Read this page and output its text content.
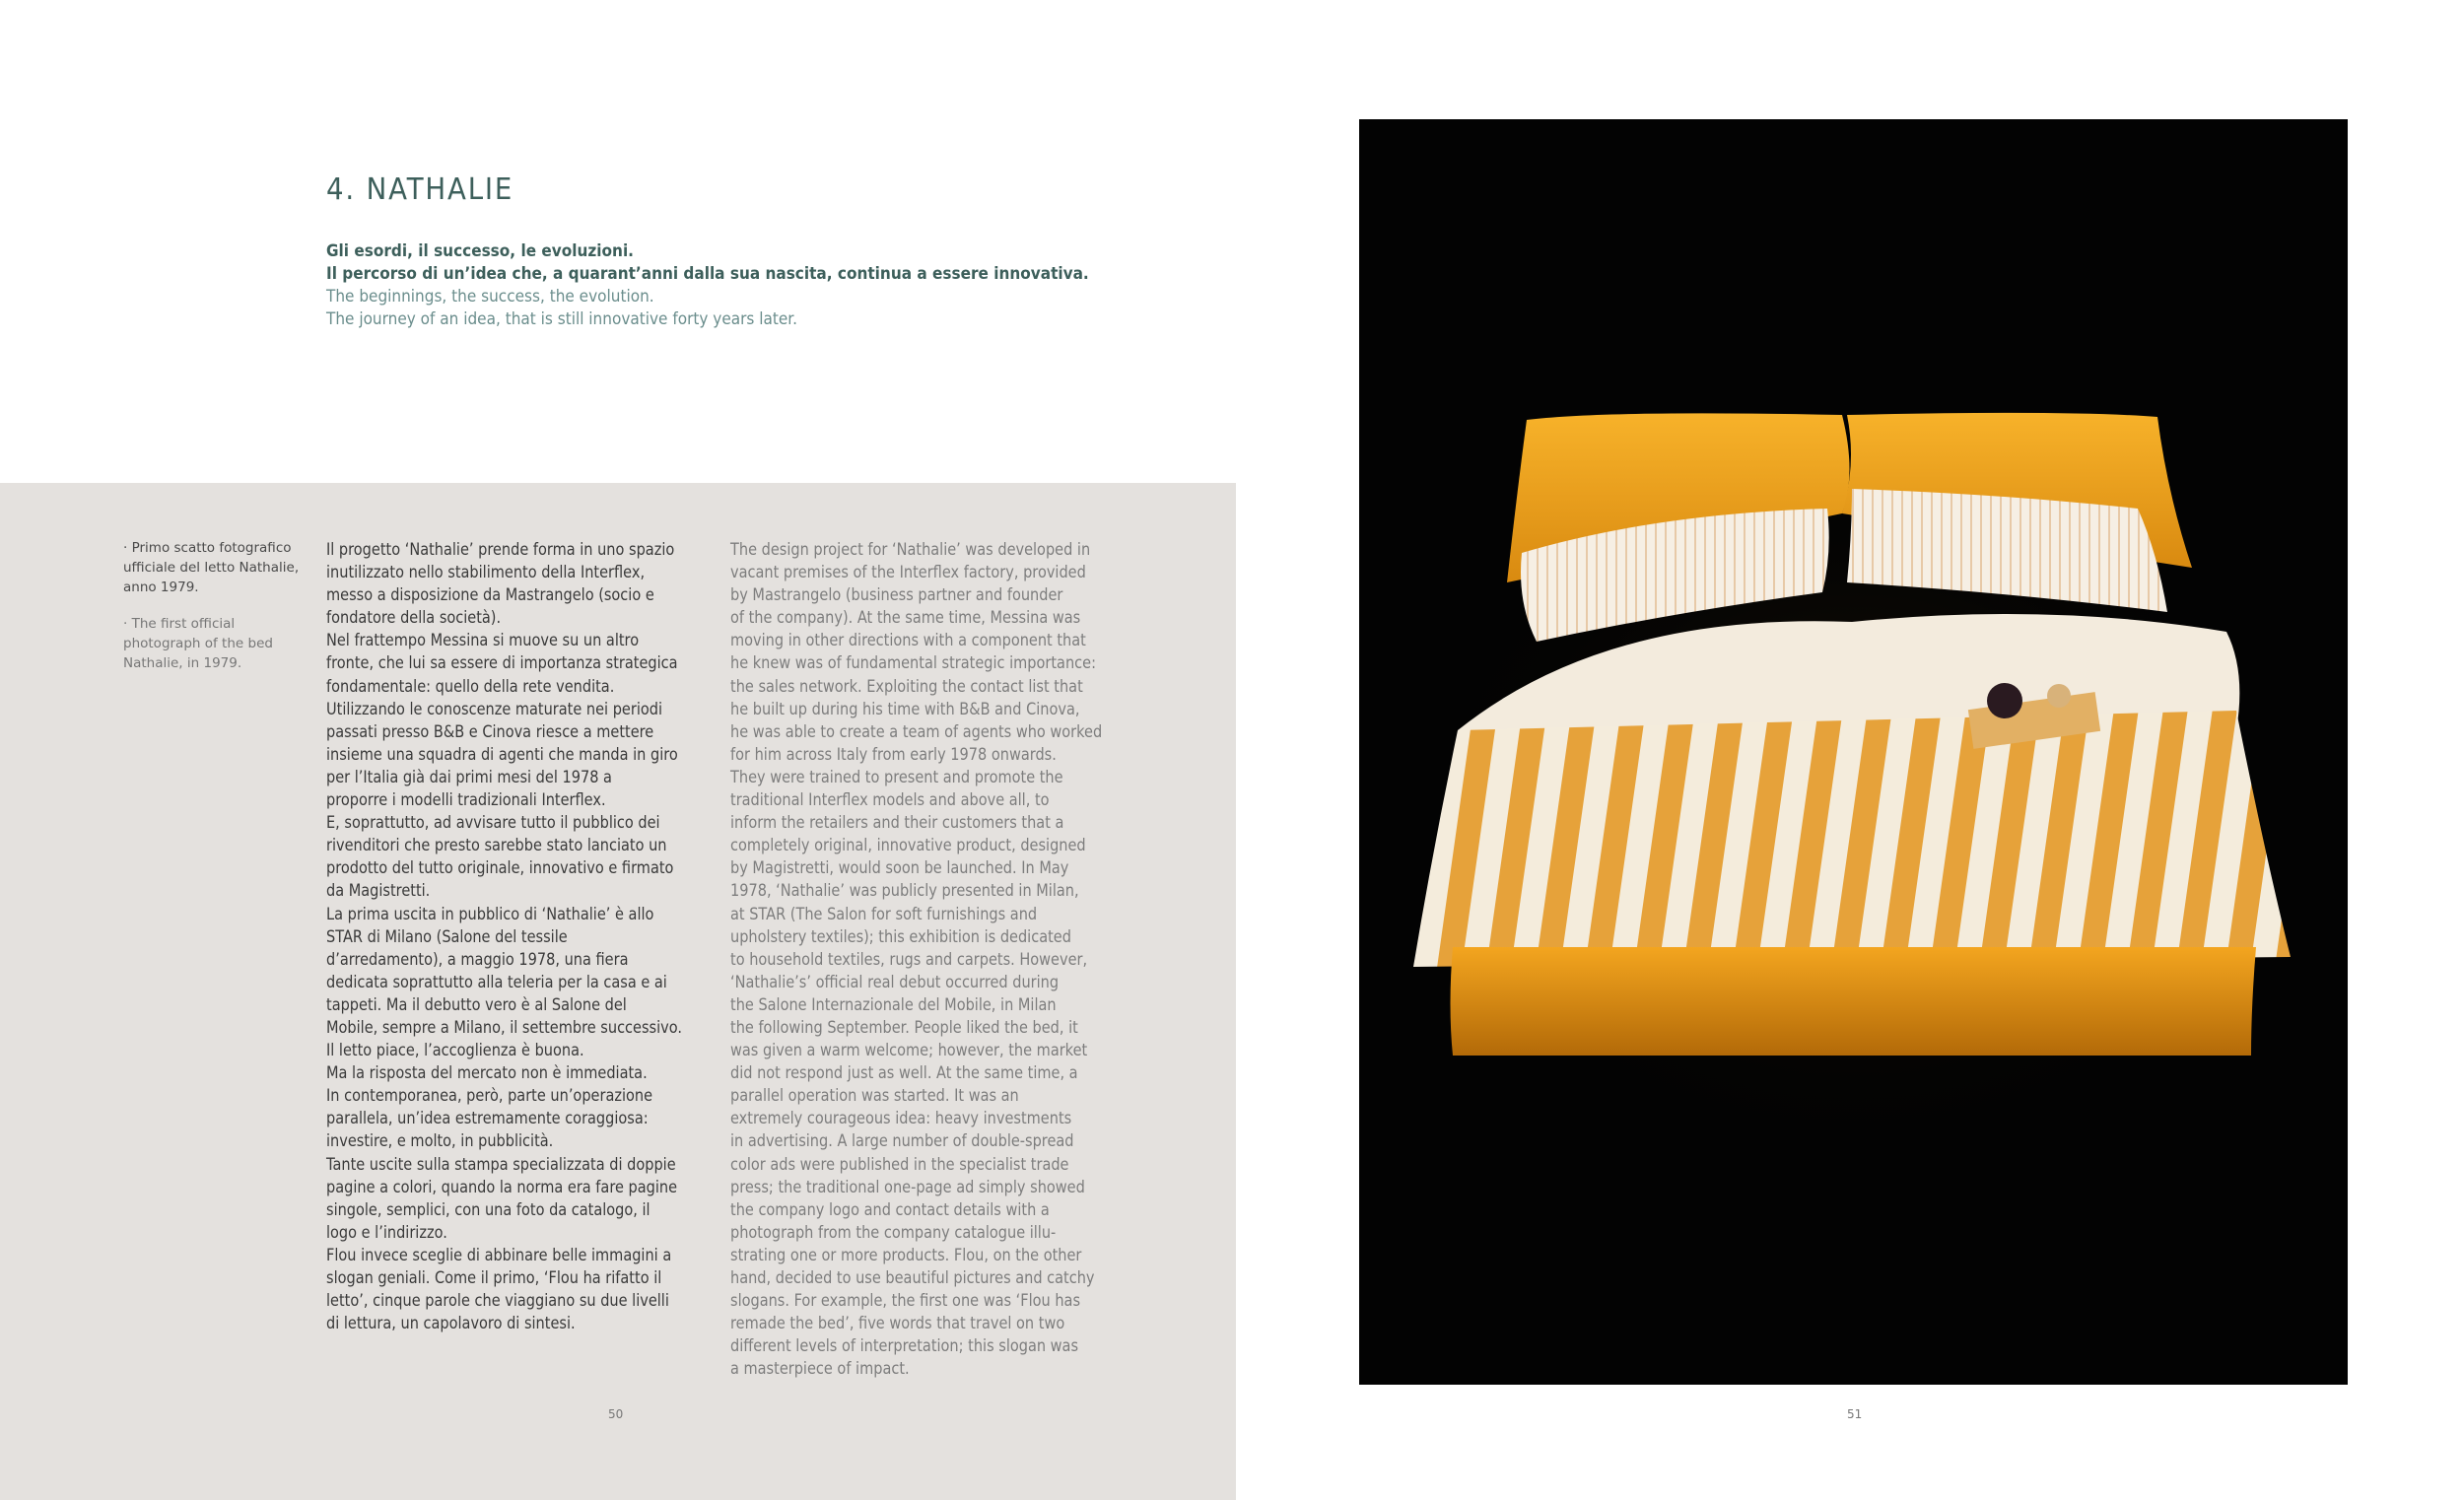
4. NATHALIE
Gli esordi, il successo, le evoluzioni.
Il percorso di un’idea che, a quarant’anni dalla sua nascita, continua a essere innovativa.
The beginnings, the success, the evolution.
The journey of an idea, that is still innovative forty years later.
· Primo scatto fotografico
ufficiale del letto Nathalie,
anno 1979.
· The first official
photograph of the bed
Nathalie, in 1979.
Il progetto ‘Nathalie’ prende forma in uno spazio
inutilizzato nello stabilimento della Interflex,
messo a disposizione da Mastrangelo (socio e
fondatore della società).
Nel frattempo Messina si muove su un altro
fronte, che lui sa essere di importanza strategica
fondamentale: quello della rete vendita.
Utilizzando le conoscenze maturate nei periodi
passati presso B&B e Cinova riesce a mettere
insieme una squadra di agenti che manda in giro
per l’Italia già dai primi mesi del 1978 a
proporre i modelli tradizionali Interflex.
E, soprattutto, ad avvisare tutto il pubblico dei
rivenditori che presto sarebbe stato lanciato un
prodotto del tutto originale, innovativo e firmato
da Magistretti.
La prima uscita in pubblico di ‘Nathalie’ è allo
STAR di Milano (Salone del tessile
d’arredamento), a maggio 1978, una fiera
dedicata soprattutto alla teleria per la casa e ai
tappeti. Ma il debutto vero è al Salone del
Mobile, sempre a Milano, il settembre successivo.
Il letto piace, l’accoglienza è buona.
Ma la risposta del mercato non è immediata.
In contemporanea, però, parte un’operazione
parallela, un’idea estremamente coraggiosa:
investire, e molto, in pubblicità.
Tante uscite sulla stampa specializzata di doppie
pagine a colori, quando la norma era fare pagine
singole, semplici, con una foto da catalogo, il
logo e l’indirizzo.
Flou invece sceglie di abbinare belle immagini a
slogan geniali. Come il primo, ‘Flou ha rifatto il
letto’, cinque parole che viaggiano su due livelli
di lettura, un capolavoro di sintesi.
The design project for ‘Nathalie’ was developed in
vacant premises of the Interflex factory, provided
by Mastrangelo (business partner and founder
of the company). At the same time, Messina was
moving in other directions with a component that
he knew was of fundamental strategic importance:
the sales network. Exploiting the contact list that
he built up during his time with B&B and Cinova,
he was able to create a team of agents who worked
for him across Italy from early 1978 onwards.
They were trained to present and promote the
traditional Interflex models and above all, to
inform the retailers and their customers that a
completely original, innovative product, designed
by Magistretti, would soon be launched. In May
1978, ‘Nathalie’ was publicly presented in Milan,
at STAR (The Salon for soft furnishings and
upholstery textiles); this exhibition is dedicated
to household textiles, rugs and carpets. However,
‘Nathalie’s’ official real debut occurred during
the Salone Internazionale del Mobile, in Milan
the following September. People liked the bed, it
was given a warm welcome; however, the market
did not respond just as well. At the same time, a
parallel operation was started. It was an
extremely courageous idea: heavy investments
in advertising. A large number of double-spread
color ads were published in the specialist trade
press; the traditional one-page ad simply showed
the company logo and contact details with a
photograph from the company catalogue illu-
strating one or more products. Flou, on the other
hand, decided to use beautiful pictures and catchy
slogans. For example, the first one was ‘Flou has
remade the bed’, five words that travel on two
different levels of interpretation; this slogan was
a masterpiece of impact.
50	51
